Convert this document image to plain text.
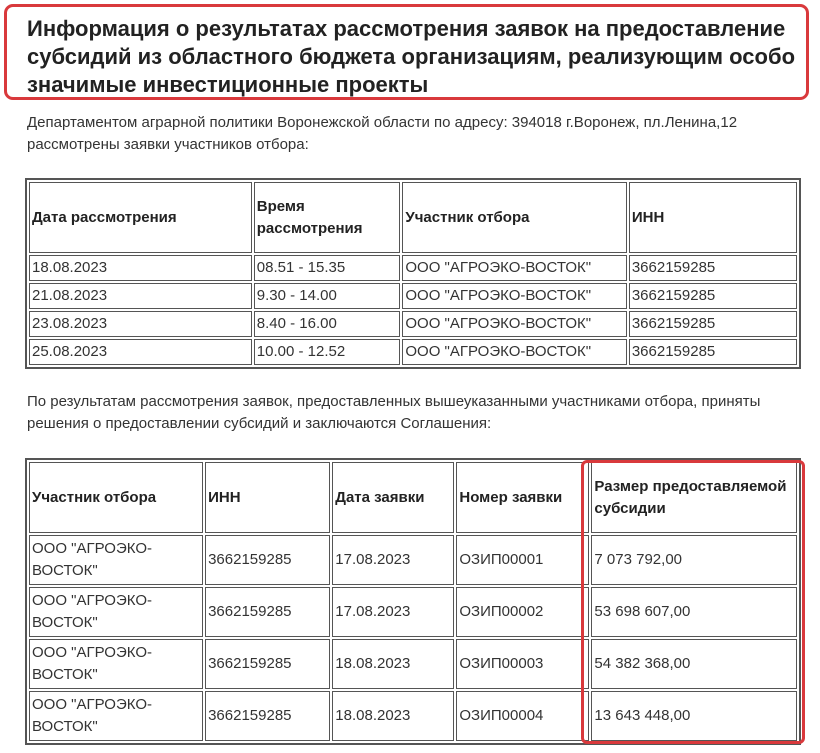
Информация о результатах рассмотрения заявок на предоставление субсидий из областного бюджета организациям, реализующим особо значимые инвестиционные проекты

Департаментом аграрной политики Воронежской области по адресу: 394018 г.Воронеж, пл.Ленина,12 рассмотрены заявки участников отбора:

Дата рассмотрения	Время рассмотрения	Участник отбора	ИНН
18.08.2023	08.51 - 15.35	ООО "АГРОЭКО-ВОСТОК"	3662159285
21.08.2023	9.30 - 14.00	ООО "АГРОЭКО-ВОСТОК"	3662159285
23.08.2023	8.40 - 16.00	ООО "АГРОЭКО-ВОСТОК"	3662159285
25.08.2023	10.00 - 12.52	ООО "АГРОЭКО-ВОСТОК"	3662159285

По результатам рассмотрения заявок, предоставленных вышеуказанными участниками отбора, приняты решения о предоставлении субсидий и заключаются Соглашения:

Участник отбора	ИНН	Дата заявки	Номер заявки	Размер предоставляемой субсидии
ООО "АГРОЭКО-ВОСТОК"	3662159285	17.08.2023	ОЗИП00001	7 073 792,00
ООО "АГРОЭКО-ВОСТОК"	3662159285	17.08.2023	ОЗИП00002	53 698 607,00
ООО "АГРОЭКО-ВОСТОК"	3662159285	18.08.2023	ОЗИП00003	54 382 368,00
ООО "АГРОЭКО-ВОСТОК"	3662159285	18.08.2023	ОЗИП00004	13 643 448,00
